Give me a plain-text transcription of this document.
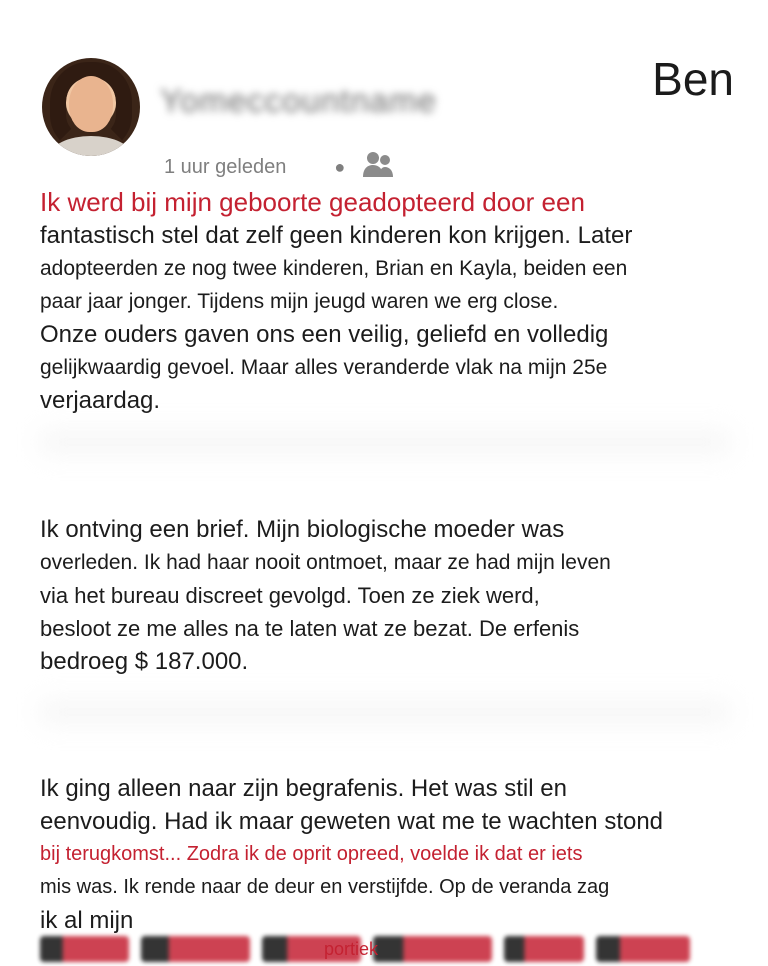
Yomeccountname	Ben
1 uur geleden	●
Ik werd bij mijn geboorte geadopteerd door een
fantastisch stel dat zelf geen kinderen kon krijgen. Later
adopteerden ze nog twee kinderen, Brian en Kayla, beiden een
paar jaar jonger. Tijdens mijn jeugd waren we erg close.
Onze ouders gaven ons een veilig, geliefd en volledig
gelijkwaardig gevoel. Maar alles veranderde vlak na mijn 25e
verjaardag.
Ik ontving een brief. Mijn biologische moeder was
overleden. Ik had haar nooit ontmoet, maar ze had mijn leven
via het bureau discreet gevolgd. Toen ze ziek werd,
besloot ze me alles na te laten wat ze bezat. De erfenis
bedroeg $ 187.000.
Ik ging alleen naar zijn begrafenis. Het was stil en
eenvoudig. Had ik maar geweten wat me te wachten stond
bij terugkomst... Zodra ik de oprit opreed, voelde ik dat er iets
mis was. Ik rende naar de deur en verstijfde. Op de veranda zag
ik al mijn
portiek
